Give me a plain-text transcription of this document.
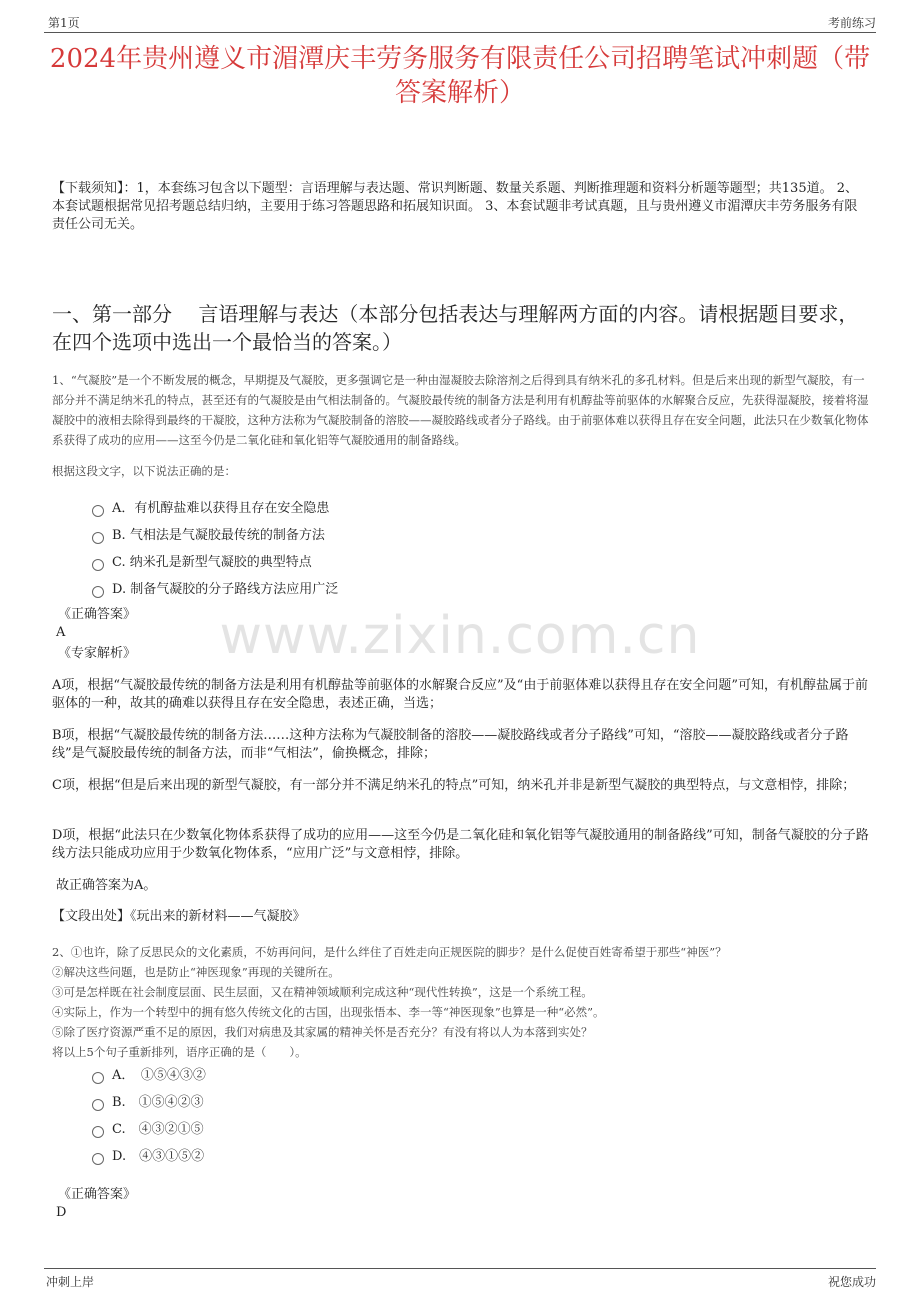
第1页	考前练习
2024年贵州遵义市湄潭庆丰劳务服务有限责任公司招聘笔试冲刺题（带答案解析）
【下载须知】：1，本套练习包含以下题型：言语理解与表达题、常识判断题、数量关系题、判断推理题和资料分析题等题型；共135道。 2、本套试题根据常见招考题总结归纳，主要用于练习答题思路和拓展知识面。 3、本套试题非考试真题，且与贵州遵义市湄潭庆丰劳务服务有限责任公司无关。
一、第一部分　 言语理解与表达（本部分包括表达与理解两方面的内容。请根据题目要求，在四个选项中选出一个最恰当的答案。）
1、“气凝胶”是一个不断发展的概念，早期提及气凝胶，更多强调它是一种由湿凝胶去除溶剂之后得到具有纳米孔的多孔材料。但是后来出现的新型气凝胶，有一部分并不满足纳米孔的特点，甚至还有的气凝胶是由气相法制备的。气凝胶最传统的制备方法是利用有机醇盐等前驱体的水解聚合反应，先获得湿凝胶，接着将湿凝胶中的液相去除得到最终的干凝胶，这种方法称为气凝胶制备的溶胶——凝胶路线或者分子路线。由于前驱体难以获得且存在安全问题，此法只在少数氧化物体系获得了成功的应用——这至今仍是二氧化硅和氧化铝等气凝胶通用的制备路线。
根据这段文字，以下说法正确的是：
A．有机醇盐难以获得且存在安全隐患
B. 气相法是气凝胶最传统的制备方法
C. 纳米孔是新型气凝胶的典型特点
D. 制备气凝胶的分子路线方法应用广泛
www.zixin.com.cn
《正确答案》
A
《专家解析》
A项，根据“气凝胶最传统的制备方法是利用有机醇盐等前驱体的水解聚合反应”及“由于前驱体难以获得且存在安全问题”可知，有机醇盐属于前驱体的一种，故其的确难以获得且存在安全隐患，表述正确，当选；
B项，根据“气凝胶最传统的制备方法……这种方法称为气凝胶制备的溶胶——凝胶路线或者分子路线”可知，“溶胶——凝胶路线或者分子路线”是气凝胶最传统的制备方法，而非“气相法”，偷换概念，排除；
C项，根据“但是后来出现的新型气凝胶，有一部分并不满足纳米孔的特点”可知，纳米孔并非是新型气凝胶的典型特点，与文意相悖，排除；
D项，根据“此法只在少数氧化物体系获得了成功的应用——这至今仍是二氧化硅和氧化铝等气凝胶通用的制备路线”可知，制备气凝胶的分子路线方法只能成功应用于少数氧化物体系，“应用广泛”与文意相悖，排除。
故正确答案为A。
【文段出处】《玩出来的新材料——气凝胶》
2、①也许，除了反思民众的文化素质，不妨再问问，是什么绊住了百姓走向正规医院的脚步？是什么促使百姓寄希望于那些“神医”？
②解决这些问题，也是防止“神医现象”再现的关键所在。
③可是怎样既在社会制度层面、民生层面，又在精神领域顺利完成这种“现代性转换”，这是一个系统工程。
④实际上，作为一个转型中的拥有悠久传统文化的古国，出现张悟本、李一等“神医现象”也算是一种“必然”。
⑤除了医疗资源严重不足的原因，我们对病患及其家属的精神关怀是否充分？有没有将以人为本落到实处？
将以上5个句子重新排列，语序正确的是（　　）。
A．　①⑤④③②
B.　①⑤④②③
C.　④③②①⑤
D.　④③①⑤②
《正确答案》
D
冲刺上岸	祝您成功
